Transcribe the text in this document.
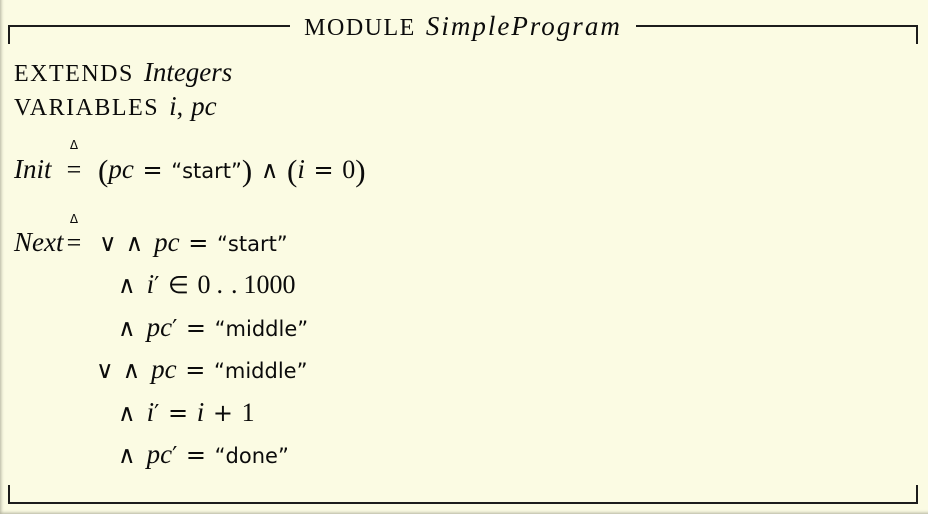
MODULE SimpleProgram
EXTENDS Integers
VARIABLES i, pc
Init
Δ
= (pc = “start”) ∧ (i = 0)
Next
Δ
= ∨ ∧ pc = “start”
∧ i′ ∈ 0 ..1000
∧ pc′ = “middle”
∨ ∧ pc = “middle”
∧ i′ = i + 1
∧ pc′ = “done”
